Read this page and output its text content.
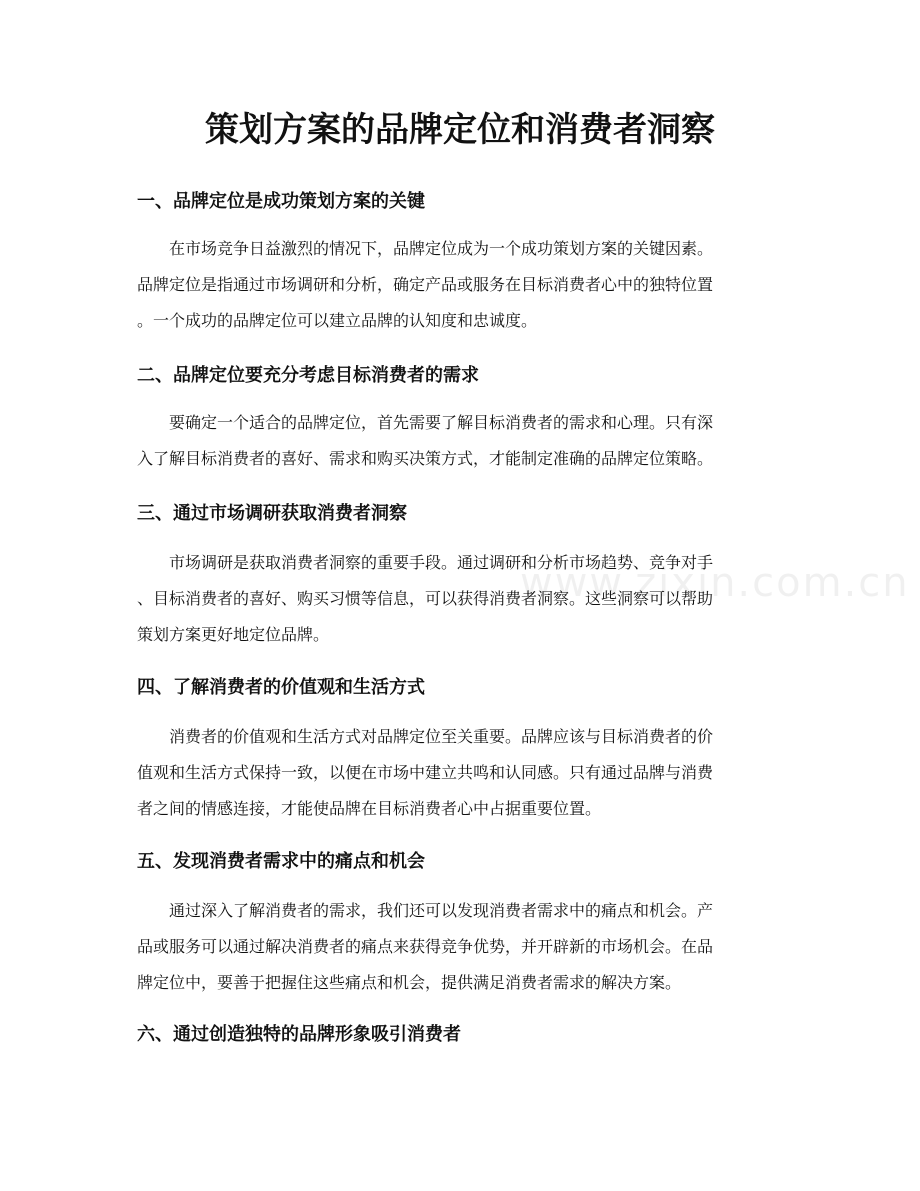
www.zixin.com.cn
策划方案的品牌定位和消费者洞察
一、品牌定位是成功策划方案的关键
在市场竞争日益激烈的情况下，品牌定位成为一个成功策划方案的关键因素。
品牌定位是指通过市场调研和分析，确定产品或服务在目标消费者心中的独特位置
。一个成功的品牌定位可以建立品牌的认知度和忠诚度。
二、品牌定位要充分考虑目标消费者的需求
要确定一个适合的品牌定位，首先需要了解目标消费者的需求和心理。只有深
入了解目标消费者的喜好、需求和购买决策方式，才能制定准确的品牌定位策略。
三、通过市场调研获取消费者洞察
市场调研是获取消费者洞察的重要手段。通过调研和分析市场趋势、竞争对手
、目标消费者的喜好、购买习惯等信息，可以获得消费者洞察。这些洞察可以帮助
策划方案更好地定位品牌。
四、了解消费者的价值观和生活方式
消费者的价值观和生活方式对品牌定位至关重要。品牌应该与目标消费者的价
值观和生活方式保持一致，以便在市场中建立共鸣和认同感。只有通过品牌与消费
者之间的情感连接，才能使品牌在目标消费者心中占据重要位置。
五、发现消费者需求中的痛点和机会
通过深入了解消费者的需求，我们还可以发现消费者需求中的痛点和机会。产
品或服务可以通过解决消费者的痛点来获得竞争优势，并开辟新的市场机会。在品
牌定位中，要善于把握住这些痛点和机会，提供满足消费者需求的解决方案。
六、通过创造独特的品牌形象吸引消费者
